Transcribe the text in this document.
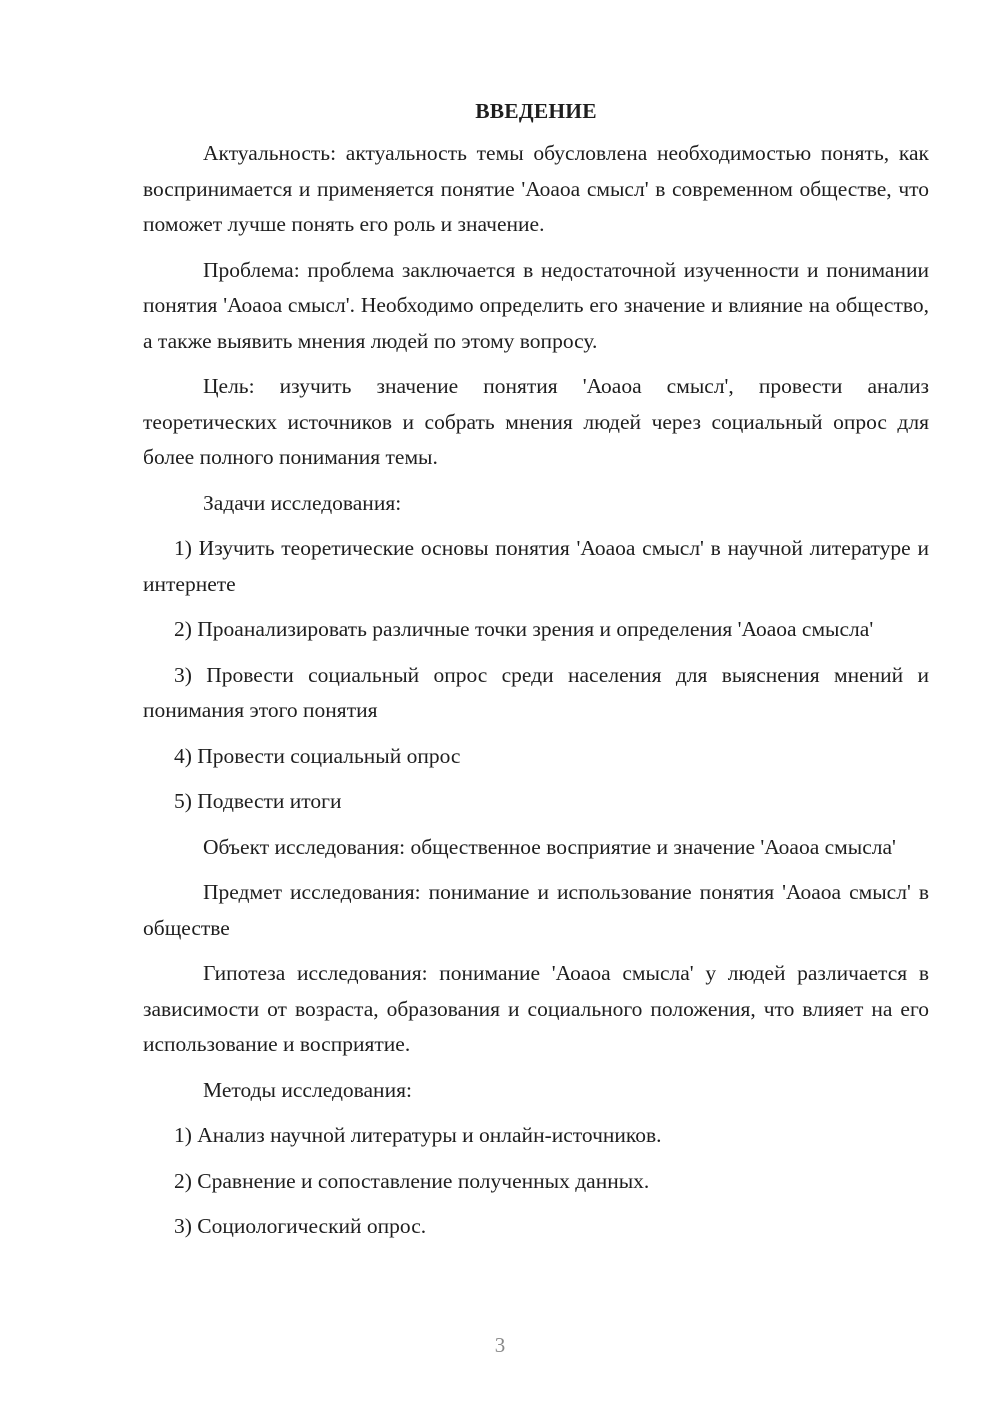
ВВЕДЕНИЕ

Актуальность: актуальность темы обусловлена необходимостью понять, как воспринимается и применяется понятие 'Аоаоа смысл' в современном обществе, что поможет лучше понять его роль и значение.

Проблема: проблема заключается в недостаточной изученности и понимании понятия 'Аоаоа смысл'. Необходимо определить его значение и влияние на общество, а также выявить мнения людей по этому вопросу.

Цель: изучить значение понятия 'Аоаоа смысл', провести анализ теоретических источников и собрать мнения людей через социальный опрос для более полного понимания темы.

Задачи исследования:

1) Изучить теоретические основы понятия 'Аоаоа смысл' в научной литературе и интернете

2) Проанализировать различные точки зрения и определения 'Аоаоа смысла'

3) Провести социальный опрос среди населения для выяснения мнений и понимания этого понятия

4) Провести социальный опрос

5) Подвести итоги

Объект исследования: общественное восприятие и значение 'Аоаоа смысла'

Предмет исследования: понимание и использование понятия 'Аоаоа смысл' в обществе

Гипотеза исследования: понимание 'Аоаоа смысла' у людей различается в зависимости от возраста, образования и социального положения, что влияет на его использование и восприятие.

Методы исследования:

1) Анализ научной литературы и онлайн-источников.

2) Сравнение и сопоставление полученных данных.

3) Социологический опрос.

3
